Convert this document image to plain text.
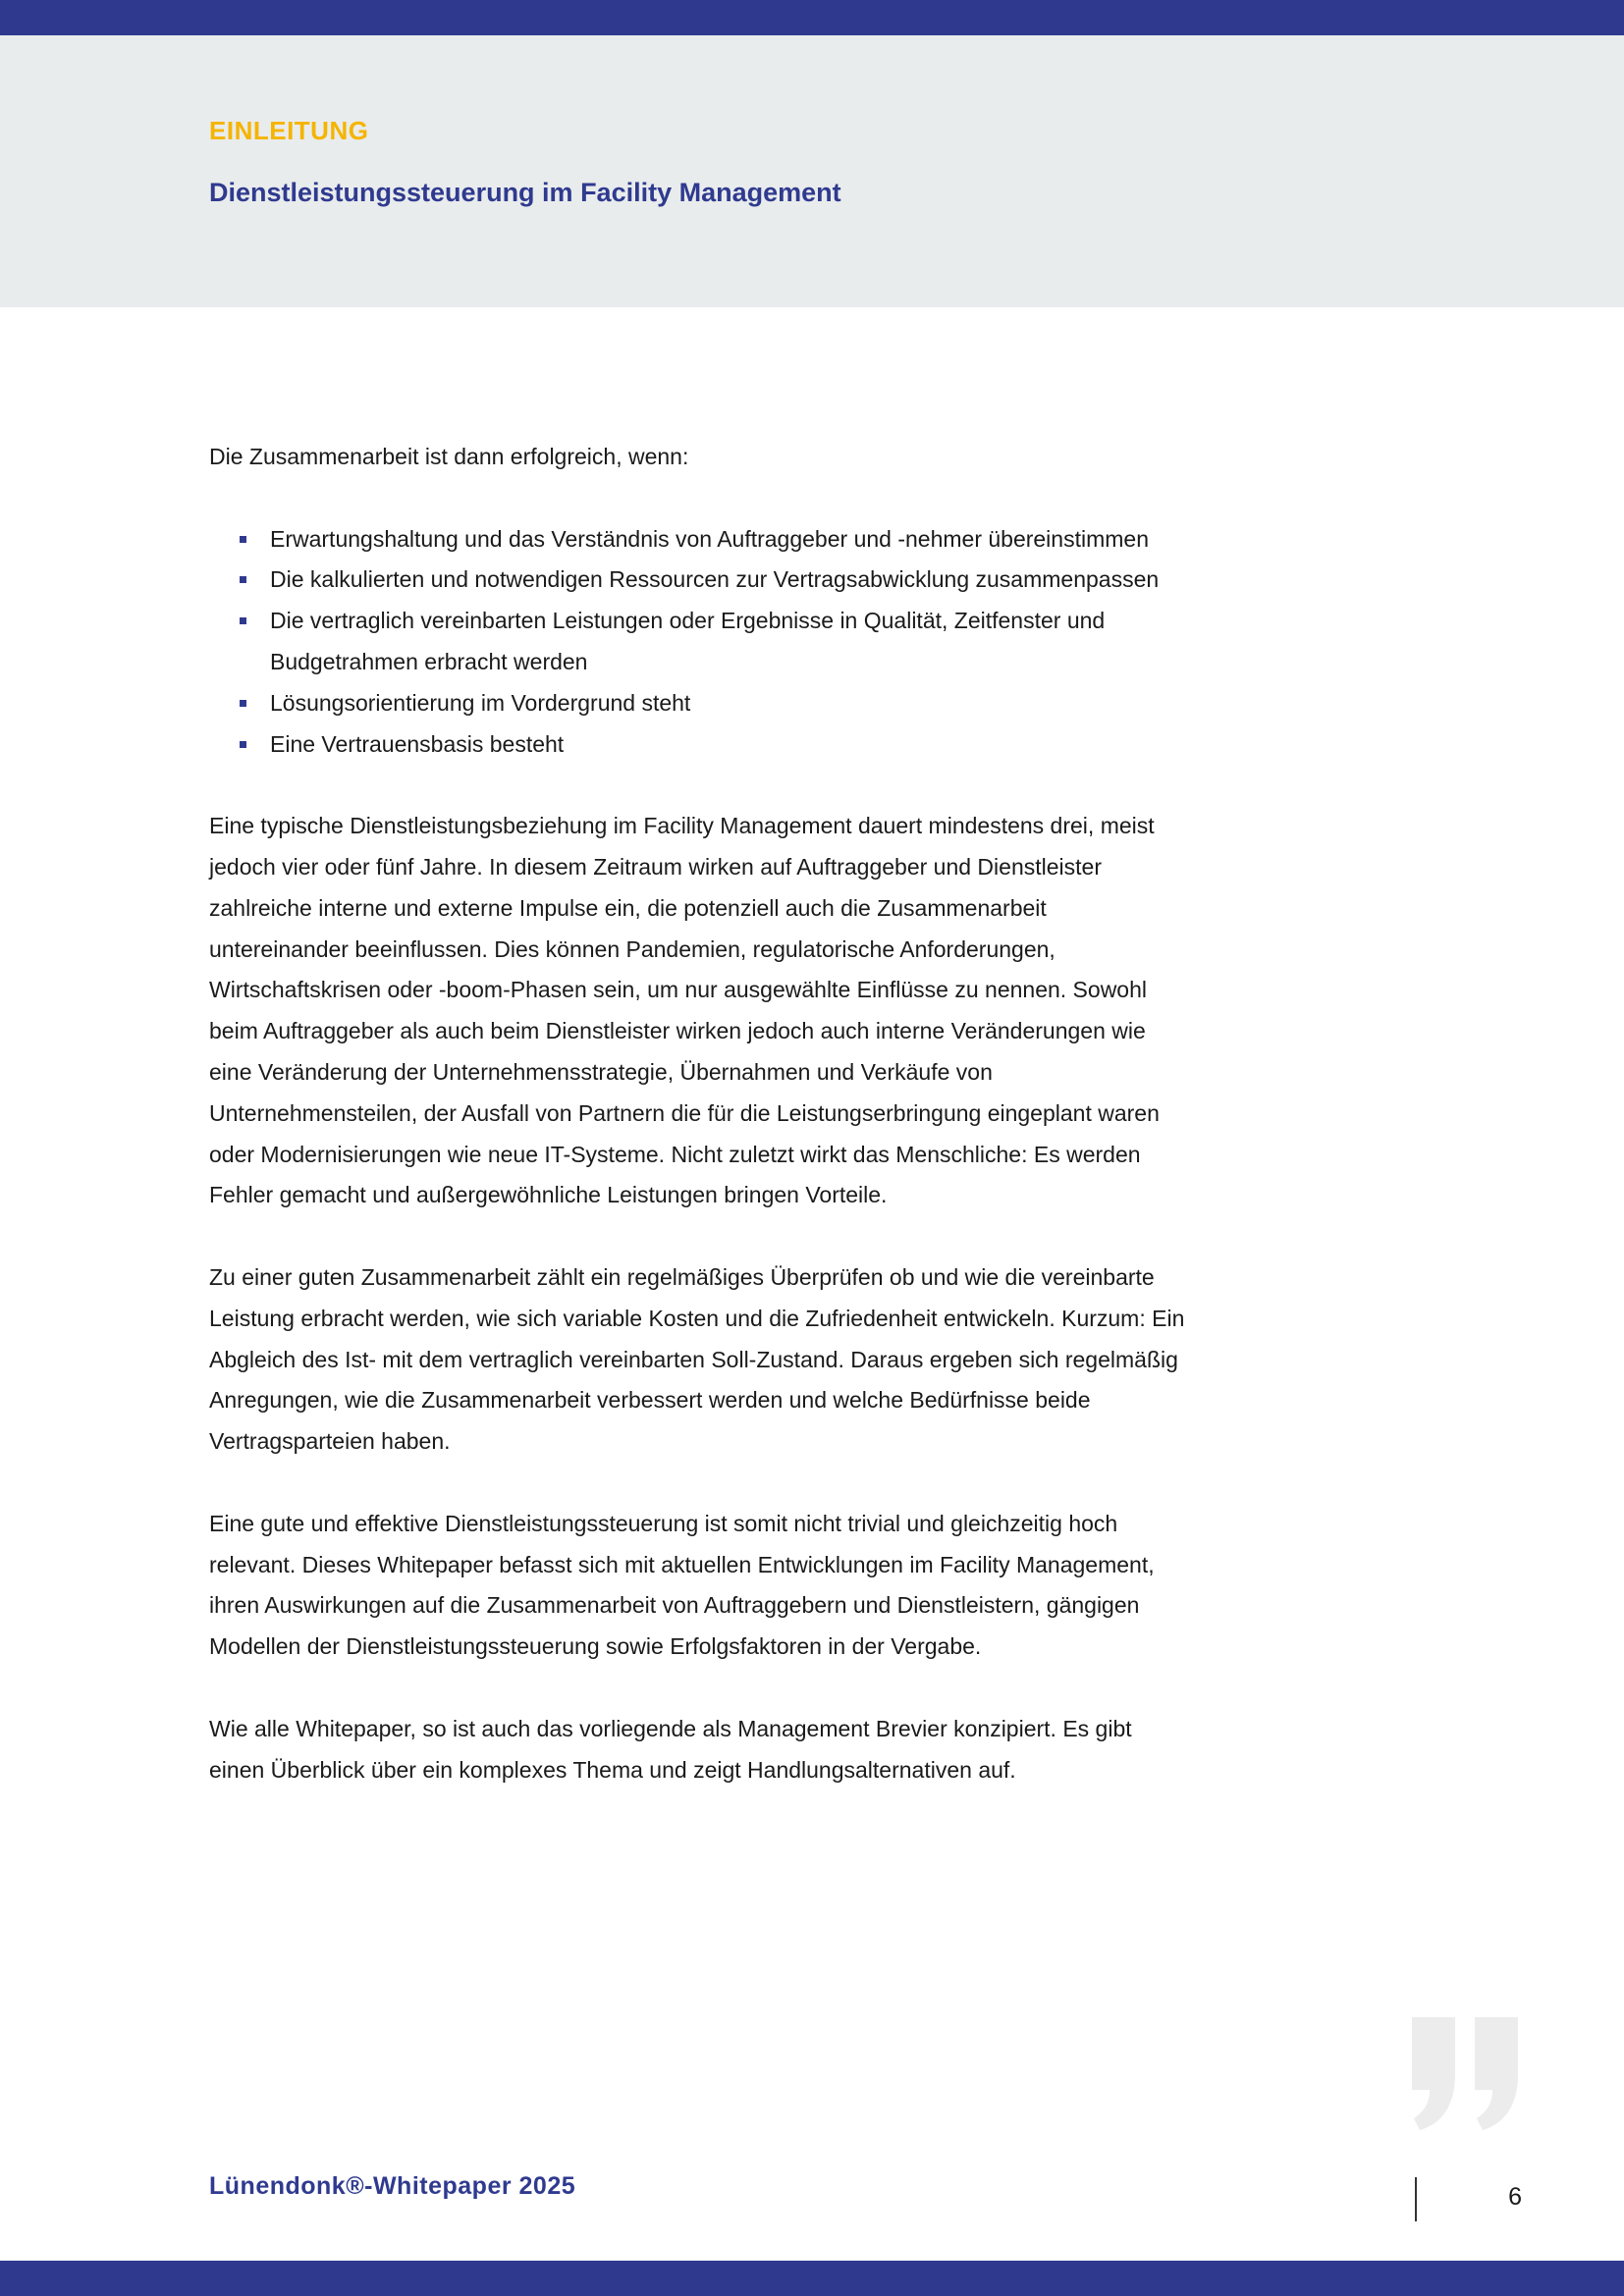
EINLEITUNG
Dienstleistungssteuerung im Facility Management

Die Zusammenarbeit ist dann erfolgreich, wenn:

Erwartungshaltung und das Verständnis von Auftraggeber und -nehmer übereinstimmen
Die kalkulierten und notwendigen Ressourcen zur Vertragsabwicklung zusammenpassen
Die vertraglich vereinbarten Leistungen oder Ergebnisse in Qualität, Zeitfenster und Budgetrahmen erbracht werden
Lösungsorientierung im Vordergrund steht
Eine Vertrauensbasis besteht

Eine typische Dienstleistungsbeziehung im Facility Management dauert mindestens drei, meist jedoch vier oder fünf Jahre. In diesem Zeitraum wirken auf Auftraggeber und Dienstleister zahlreiche interne und externe Impulse ein, die potenziell auch die Zusammenarbeit untereinander beeinflussen. Dies können Pandemien, regulatorische Anforderungen, Wirtschaftskrisen oder -boom-Phasen sein, um nur ausgewählte Einflüsse zu nennen. Sowohl beim Auftraggeber als auch beim Dienstleister wirken jedoch auch interne Veränderungen wie eine Veränderung der Unternehmensstrategie, Übernahmen und Verkäufe von Unternehmensteilen, der Ausfall von Partnern die für die Leistungserbringung eingeplant waren oder Modernisierungen wie neue IT-Systeme. Nicht zuletzt wirkt das Menschliche: Es werden Fehler gemacht und außergewöhnliche Leistungen bringen Vorteile.

Zu einer guten Zusammenarbeit zählt ein regelmäßiges Überprüfen ob und wie die vereinbarte Leistung erbracht werden, wie sich variable Kosten und die Zufriedenheit entwickeln. Kurzum: Ein Abgleich des Ist- mit dem vertraglich vereinbarten Soll-Zustand. Daraus ergeben sich regelmäßig Anregungen, wie die Zusammenarbeit verbessert werden und welche Bedürfnisse beide Vertragsparteien haben.

Eine gute und effektive Dienstleistungssteuerung ist somit nicht trivial und gleichzeitig hoch relevant. Dieses Whitepaper befasst sich mit aktuellen Entwicklungen im Facility Management, ihren Auswirkungen auf die Zusammenarbeit von Auftraggebern und Dienstleistern, gängigen Modellen der Dienstleistungssteuerung sowie Erfolgsfaktoren in der Vergabe.

Wie alle Whitepaper, so ist auch das vorliegende als Management Brevier konzipiert. Es gibt einen Überblick über ein komplexes Thema und zeigt Handlungsalternativen auf.

Lünendonk®-Whitepaper 2025	6
